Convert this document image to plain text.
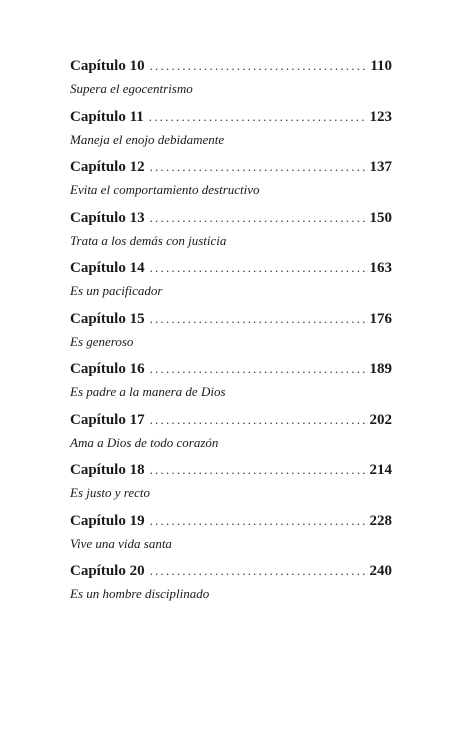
Capítulo 10 .....	110
Supera el egocentrismo
Capítulo 11 .....	123
Maneja el enojo debidamente
Capítulo 12 .....	137
Evita el comportamiento destructivo
Capítulo 13 .....	150
Trata a los demás con justicia
Capítulo 14 .....	163
Es un pacificador
Capítulo 15 .....	176
Es generoso
Capítulo 16 .....	189
Es padre a la manera de Dios
Capítulo 17 .....	202
Ama a Dios de todo corazón
Capítulo 18 .....	214
Es justo y recto
Capítulo 19 .....	228
Vive una vida santa
Capítulo 20 .....	240
Es un hombre disciplinado
